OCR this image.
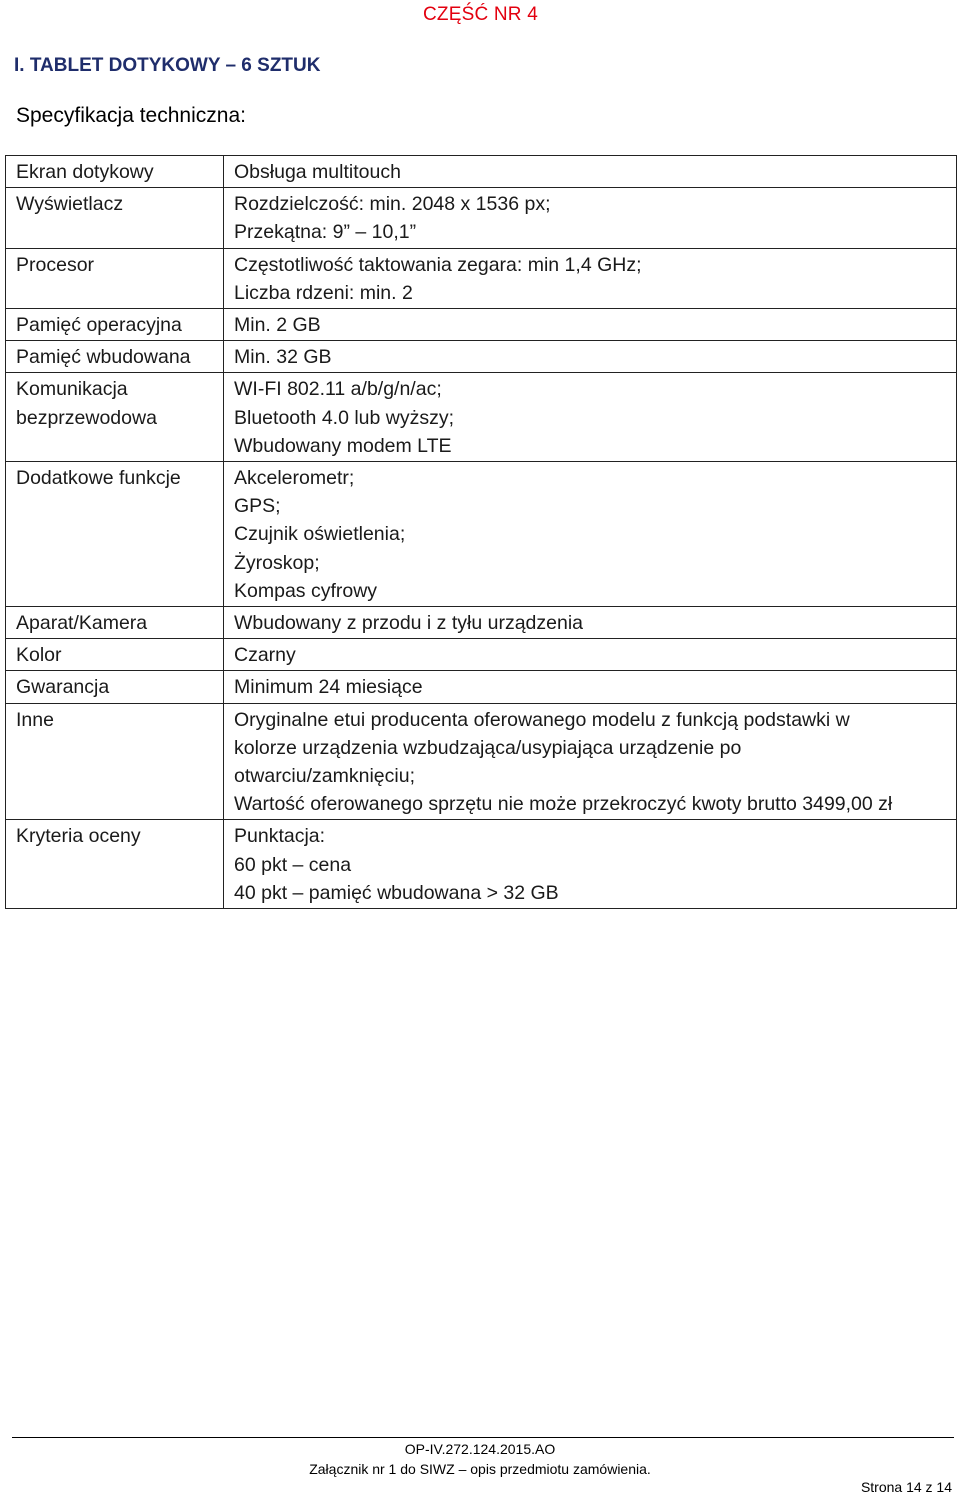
CZĘŚĆ NR 4
I. TABLET DOTYKOWY – 6 SZTUK
Specyfikacja techniczna:
Ekran dotykowy	Obsługa multitouch

Wyświetlacz	Rozdzielczość: min. 2048 x 1536 px;
Przekątna: 9” – 10,1”

Procesor	Częstotliwość taktowania zegara: min 1,4 GHz;
Liczba rdzeni: min. 2

Pamięć operacyjna	Min. 2 GB

Pamięć wbudowana	Min. 32 GB

Komunikacja
bezprzewodowa	WI-FI 802.11 a/b/g/n/ac;
Bluetooth 4.0 lub wyższy;
Wbudowany modem LTE

Dodatkowe funkcje	Akcelerometr;
GPS;
Czujnik oświetlenia;
Żyroskop;
Kompas cyfrowy

Aparat/Kamera	Wbudowany z przodu i z tyłu urządzenia

Kolor	Czarny

Gwarancja	Minimum 24 miesiące

Inne	Oryginalne etui producenta oferowanego modelu z funkcją podstawki w
kolorze urządzenia wzbudzająca/usypiająca urządzenie po
otwarciu/zamknięciu;
Wartość oferowanego sprzętu nie może przekroczyć kwoty brutto 3499,00 zł

Kryteria oceny	Punktacja:
60 pkt – cena
40 pkt – pamięć wbudowana > 32 GB
OP-IV.272.124.2015.AO
Załącznik nr 1 do SIWZ – opis przedmiotu zamówienia.
Strona 14 z 14
